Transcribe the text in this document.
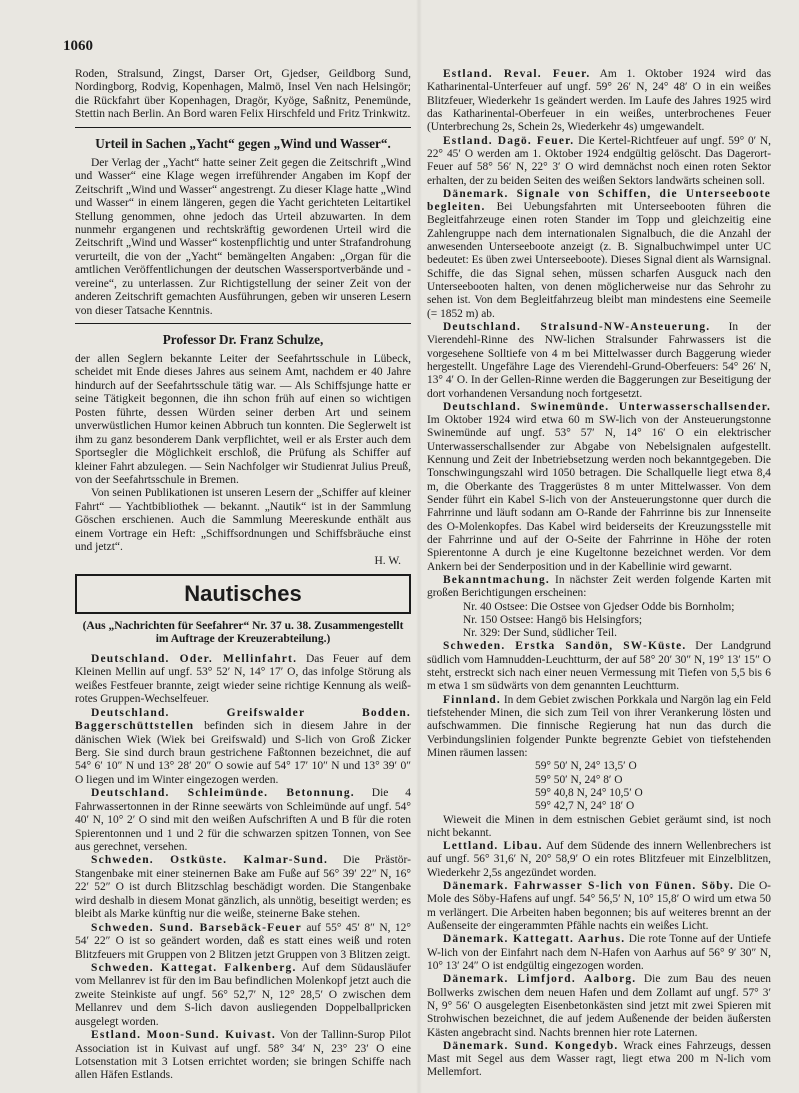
1060

Roden, Stralsund, Zingst, Darser Ort, Gjedser, Geildborg Sund, Nordingborg, Rodvig, Kopenhagen, Malmö, Insel Ven nach Helsingör; die Rückfahrt über Kopenhagen, Dragör, Kyöge, Saßnitz, Penemünde, Stettin nach Berlin. An Bord waren Felix Hirschfeld und Fritz Trinkwitz.

Urteil in Sachen „Yacht“ gegen „Wind und Wasser“.

Der Verlag der „Yacht“ hatte seiner Zeit gegen die Zeitschrift „Wind und Wasser“ eine Klage wegen irreführender Angaben im Kopf der Zeitschrift „Wind und Wasser“ angestrengt. Zu dieser Klage hatte „Wind und Wasser“ in einem längeren, gegen die Yacht gerichteten Leitartikel Stellung genommen, ohne jedoch das Urteil abzuwarten. In dem nunmehr ergangenen und rechtskräftig gewordenen Urteil wird die Zeitschrift „Wind und Wasser“ kostenpflichtig und unter Strafandrohung verurteilt, die von der „Yacht“ bemängelten Angaben: „Organ für die amtlichen Veröffentlichungen der deutschen Wassersportverbände und -vereine“, zu unterlassen. Zur Richtigstellung der seiner Zeit von der anderen Zeitschrift gemachten Ausführungen, geben wir unseren Lesern von dieser Tatsache Kenntnis.

Professor Dr. Franz Schulze,

der allen Seglern bekannte Leiter der Seefahrtsschule in Lübeck, scheidet mit Ende dieses Jahres aus seinem Amt, nachdem er 40 Jahre hindurch auf der Seefahrtsschule tätig war. — Als Schiffsjunge hatte er seine Tätigkeit begonnen, die ihn schon früh auf einen so wichtigen Posten führte, dessen Würden seiner derben Art und seinem unverwüstlichen Humor keinen Abbruch tun konnten. Die Seglerwelt ist ihm zu ganz besonderem Dank verpflichtet, weil er als Erster auch dem Sportsegler die Möglichkeit erschloß, die Prüfung als Schiffer auf kleiner Fahrt abzulegen. — Sein Nachfolger wir Studienrat Julius Preuß, von der Seefahrtsschule in Bremen.

Von seinen Publikationen ist unseren Lesern der „Schiffer auf kleiner Fahrt“ — Yachtbibliothek — bekannt. „Nautik“ ist in der Sammlung Göschen erschienen. Auch die Sammlung Meereskunde enthält aus einem Vortrage ein Heft: „Schiffsordnungen und Schiffsbräuche einst und jetzt“.

H. W.

Nautisches

(Aus „Nachrichten für Seefahrer“ Nr. 37 u. 38. Zusammengestellt im Auftrage der Kreuzerabteilung.)

Deutschland. Oder. Mellinfahrt. Das Feuer auf dem Kleinen Mellin auf ungf. 53° 52′ N, 14° 17′ O, das infolge Störung als weißes Festfeuer brannte, zeigt wieder seine richtige Kennung als weiß-rotes Gruppen-Wechselfeuer.

Deutschland. Greifswalder Bodden. Baggerschüttstellen befinden sich in diesem Jahre in der dänischen Wiek (Wiek bei Greifswald) und S-lich von Groß Zicker Berg. Sie sind durch braun gestrichene Faßtonnen bezeichnet, die auf 54° 6′ 10″ N und 13° 28′ 20″ O sowie auf 54° 17′ 10″ N und 13° 39′ 0″ O liegen und im Winter eingezogen werden.

Deutschland. Schleimünde. Betonnung. Die 4 Fahrwassertonnen in der Rinne seewärts von Schleimünde auf ungf. 54° 40′ N, 10° 2′ O sind mit den weißen Aufschriften A und B für die roten Spierentonnen und 1 und 2 für die schwarzen spitzen Tonnen, von See aus gerechnet, versehen.

Schweden. Ostküste. Kalmar-Sund. Die Prästör-Stangenbake mit einer steinernen Bake am Fuße auf 56° 39′ 22″ N, 16° 22′ 52″ O ist durch Blitzschlag beschädigt worden. Die Stangenbake wird deshalb in diesem Monat gänzlich, als unnötig, beseitigt werden; es bleibt als Marke künftig nur die weiße, steinerne Bake stehen.

Schweden. Sund. Barsebäck-Feuer auf 55° 45′ 8″ N, 12° 54′ 22″ O ist so geändert worden, daß es statt eines weiß und roten Blitzfeuers mit Gruppen von 2 Blitzen jetzt Gruppen von 3 Blitzen zeigt.

Schweden. Kattegat. Falkenberg. Auf dem Südausläufer vom Mellanrev ist für den im Bau befindlichen Molenkopf jetzt auch die zweite Steinkiste auf ungf. 56° 52,7′ N, 12° 28,5′ O zwischen dem Mellanrev und dem S-lich davon ausliegenden Doppelballpricken ausgelegt worden.

Estland. Moon-Sund. Kuivast. Von der Tallinn-Surop Pilot Association ist in Kuivast auf ungf. 58° 34′ N, 23° 23′ O eine Lotsenstation mit 3 Lotsen errichtet worden; sie bringen Schiffe nach allen Häfen Estlands.

Estland. Reval. Feuer. Am 1. Oktober 1924 wird das Katharinental-Unterfeuer auf ungf. 59° 26′ N, 24° 48′ O in ein weißes Blitzfeuer, Wiederkehr 1s geändert werden. Im Laufe des Jahres 1925 wird das Katharinental-Oberfeuer in ein weißes, unterbrochenes Feuer (Unterbrechung 2s, Schein 2s, Wiederkehr 4s) umgewandelt.

Estland. Dagö. Feuer. Die Kertel-Richtfeuer auf ungf. 59° 0′ N, 22° 45′ O werden am 1. Oktober 1924 endgültig gelöscht. Das Dagerort-Feuer auf 58° 56′ N, 22° 3′ O wird demnächst noch einen roten Sektor erhalten, der zu beiden Seiten des weißen Sektors landwärts scheinen soll.

Dänemark. Signale von Schiffen, die Unterseeboote begleiten. Bei Uebungsfahrten mit Unterseebooten führen die Begleitfahrzeuge einen roten Stander im Topp und gleichzeitig eine Zahlengruppe nach dem internationalen Signalbuch, die die Anzahl der anwesenden Unterseeboote anzeigt (z. B. Signalbuchwimpel unter UC bedeutet: Es üben zwei Unterseeboote). Dieses Signal dient als Warnsignal. Schiffe, die das Signal sehen, müssen scharfen Ausguck nach den Unterseebooten halten, von denen möglicherweise nur das Sehrohr zu sehen ist. Von dem Begleitfahrzeug bleibt man mindestens eine Seemeile (= 1852 m) ab.

Deutschland. Stralsund-NW-Ansteuerung. In der Vierendehl-Rinne des NW-lichen Stralsunder Fahrwassers ist die vorgesehene Solltiefe von 4 m bei Mittelwasser durch Baggerung wieder hergestellt. Ungefähre Lage des Vierendehl-Grund-Oberfeuers: 54° 26′ N, 13° 4′ O. In der Gellen-Rinne werden die Baggerungen zur Beseitigung der dort vorhandenen Versandung noch fortgesetzt.

Deutschland. Swinemünde. Unterwasserschallsender. Im Oktober 1924 wird etwa 60 m SW-lich von der Ansteuerungstonne Swinemünde auf ungf. 53° 57′ N, 14° 16′ O ein elektrischer Unterwasserschallsender zur Abgabe von Nebelsignalen aufgestellt. Kennung und Zeit der Inbetriebsetzung werden noch bekanntgegeben. Die Tonschwingungszahl wird 1050 betragen. Die Schallquelle liegt etwa 8,4 m, die Oberkante des Traggerüstes 8 m unter Mittelwasser. Von dem Sender führt ein Kabel S-lich von der Ansteuerungstonne quer durch die Fahrrinne und läuft sodann am O-Rande der Fahrrinne bis zur Innenseite des O-Molenkopfes. Das Kabel wird beiderseits der Kreuzungsstelle mit der Fahrrinne und auf der O-Seite der Fahrrinne in Höhe der roten Spierentonne A durch je eine Kugeltonne bezeichnet werden. Vor dem Ankern bei der Senderposition und in der Kabellinie wird gewarnt.

Bekanntmachung. In nächster Zeit werden folgende Karten mit großen Berichtigungen erscheinen:

Nr. 40 Ostsee: Die Ostsee von Gjedser Odde bis Bornholm;

Nr. 150 Ostsee: Hangö bis Helsingfors;

Nr. 329: Der Sund, südlicher Teil.

Schweden. Erstka Sandön, SW-Küste. Der Landgrund südlich vom Hamnudden-Leuchtturm, der auf 58° 20′ 30″ N, 19° 13′ 15″ O steht, erstreckt sich nach einer neuen Vermessung mit Tiefen von 5,5 bis 6 m etwa 1 sm südwärts von dem genannten Leuchtturm.

Finnland. In dem Gebiet zwischen Porkkala und Nargön lag ein Feld tiefstehender Minen, die sich zum Teil von ihrer Verankerung lösten und aufschwammen. Die finnische Regierung hat nun das durch die Verbindungslinien folgender Punkte begrenzte Gebiet von tiefstehenden Minen räumen lassen:

59° 50′ N, 24° 13,5′ O

59° 50′ N, 24° 8′ O

59° 40,8 N, 24° 10,5′ O

59° 42,7 N, 24° 18′ O

Wieweit die Minen in dem estnischen Gebiet geräumt sind, ist noch nicht bekannt.

Lettland. Libau. Auf dem Südende des innern Wellenbrechers ist auf ungf. 56° 31,6′ N, 20° 58,9′ O ein rotes Blitzfeuer mit Einzelblitzen, Wiederkehr 2,5s angezündet worden.

Dänemark. Fahrwasser S-lich von Fünen. Söby. Die O-Mole des Söby-Hafens auf ungf. 54° 56,5′ N, 10° 15,8′ O wird um etwa 50 m verlängert. Die Arbeiten haben begonnen; bis auf weiteres brennt an der Außenseite der eingerammten Pfähle nachts ein weißes Licht.

Dänemark. Kattegatt. Aarhus. Die rote Tonne auf der Untiefe W-lich von der Einfahrt nach dem N-Hafen von Aarhus auf 56° 9′ 30″ N, 10° 13′ 24″ O ist endgültig eingezogen worden.

Dänemark. Limfjord. Aalborg. Die zum Bau des neuen Bollwerks zwischen dem neuen Hafen und dem Zollamt auf ungf. 57° 3′ N, 9° 56′ O ausgelegten Eisenbetonkästen sind jetzt mit zwei Spieren mit Strohwischen bezeichnet, die auf jedem Außenende der beiden äußersten Kästen angebracht sind. Nachts brennen hier rote Laternen.

Dänemark. Sund. Kongedyb. Wrack eines Fahrzeugs, dessen Mast mit Segel aus dem Wasser ragt, liegt etwa 200 m N-lich vom Mellemfort.
